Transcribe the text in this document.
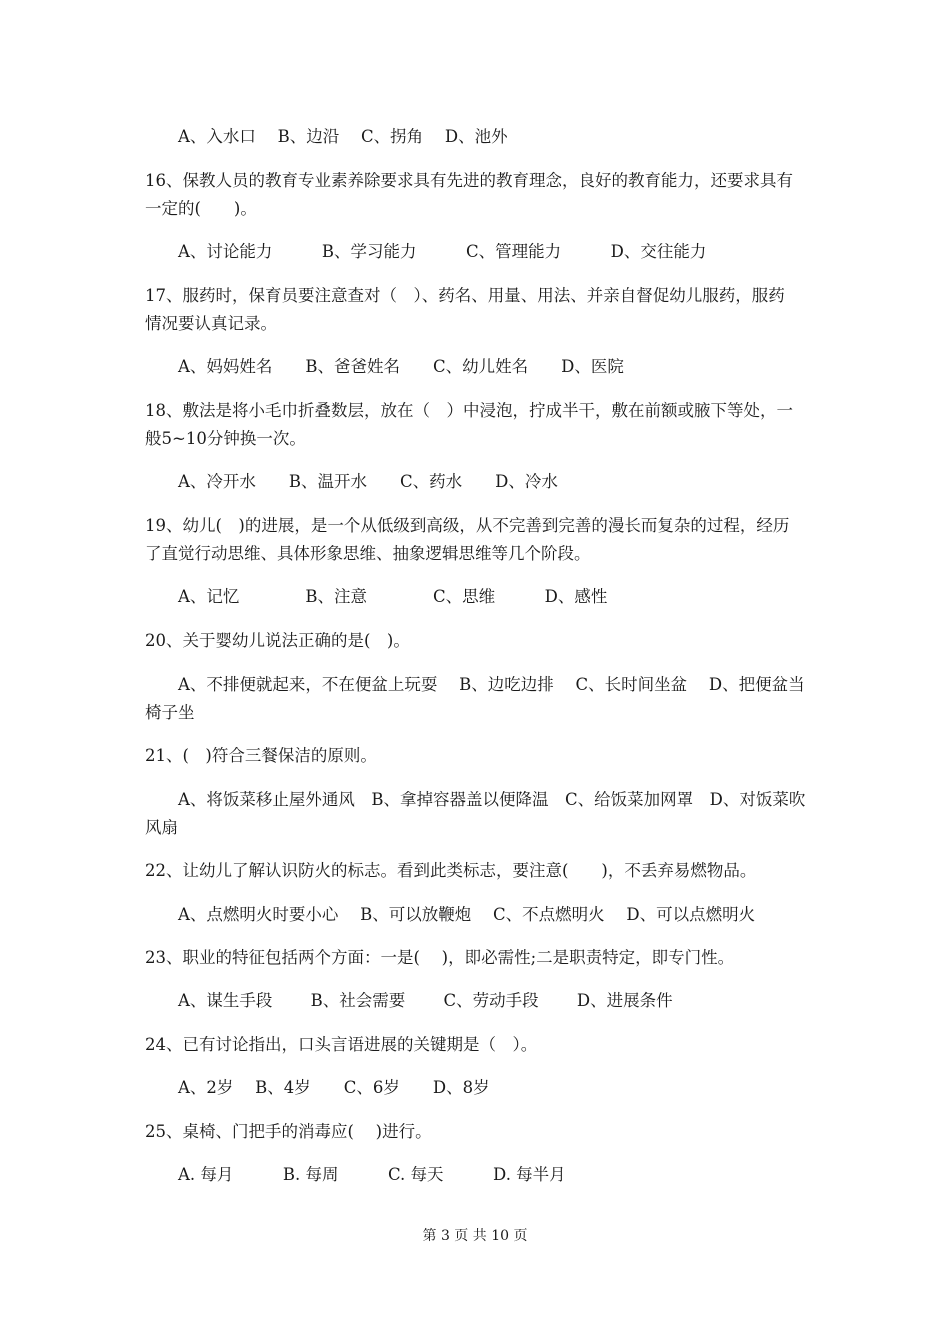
A、入水口　 B、边沿　 C、拐角　 D、池外
16、保教人员的教育专业素养除要求具有先进的教育理念，良好的教育能力，还要求具有
一定的(　　)。
A、讨论能力　　　B、学习能力　　　C、管理能力　　　D、交往能力
17、服药时，保育员要注意查对（　）、药名、用量、用法、并亲自督促幼儿服药，服药
情况要认真记录。
A、妈妈姓名　　B、爸爸姓名　　C、幼儿姓名　　D、医院
18、敷法是将小毛巾折叠数层，放在（　）中浸泡，拧成半干，敷在前额或腋下等处，一
般5~10分钟换一次。
A、冷开水　　B、温开水　　C、药水　　D、冷水
19、幼儿(　)的进展，是一个从低级到高级，从不完善到完善的漫长而复杂的过程，经历
了直觉行动思维、具体形象思维、抽象逻辑思维等几个阶段。
A、记忆　　　　B、注意　　　　C、思维　　　D、感性
20、关于婴幼儿说法正确的是(　)。
A、不排便就起来，不在便盆上玩耍　 B、边吃边排　 C、长时间坐盆　 D、把便盆当
椅子坐
21、(　)符合三餐保洁的原则。
A、将饭菜移止屋外通风　B、拿掉容器盖以便降温　C、给饭菜加网罩　D、对饭菜吹
风扇
22、让幼儿了解认识防火的标志。看到此类标志，要注意(　　)，不丢弃易燃物品。
A、点燃明火时要小心　 B、可以放鞭炮　 C、不点燃明火　 D、可以点燃明火
23、职业的特征包括两个方面：一是(　 )，即必需性;二是职责特定，即专门性。
A、谋生手段　　 B、社会需要　　 C、劳动手段　　 D、进展条件
24、已有讨论指出，口头言语进展的关键期是（　）。
A、2岁　 B、4岁　　C、6岁　　D、8岁
25、桌椅、门把手的消毒应(　 )进行。
A. 每月　　　B. 每周　　　C. 每天　　　D. 每半月
第 3 页 共 10 页
